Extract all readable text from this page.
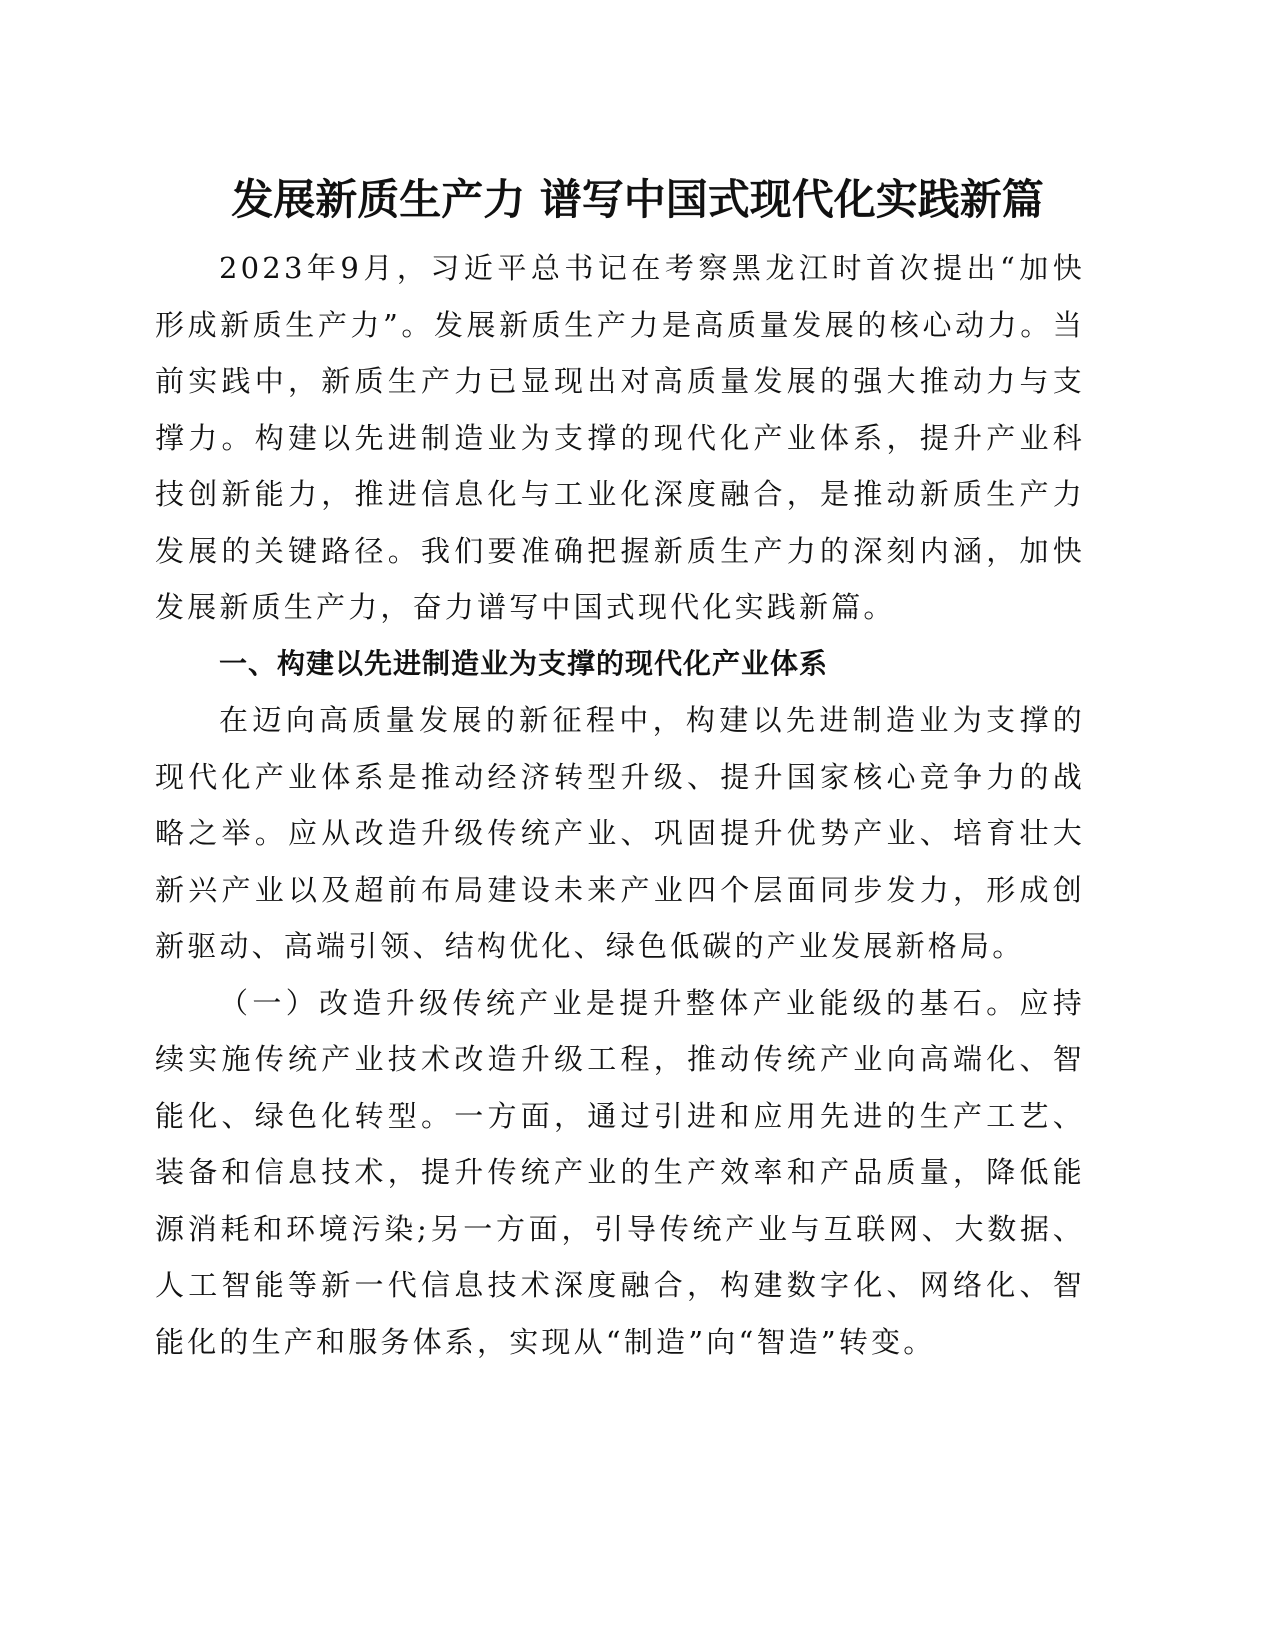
发展新质生产力 谱写中国式现代化实践新篇

2023年9月，习近平总书记在考察黑龙江时首次提出“加快形成新质生产力”。发展新质生产力是高质量发展的核心动力。当前实践中，新质生产力已显现出对高质量发展的强大推动力与支撑力。构建以先进制造业为支撑的现代化产业体系，提升产业科技创新能力，推进信息化与工业化深度融合，是推动新质生产力发展的关键路径。我们要准确把握新质生产力的深刻内涵，加快发展新质生产力，奋力谱写中国式现代化实践新篇。

一、构建以先进制造业为支撑的现代化产业体系

在迈向高质量发展的新征程中，构建以先进制造业为支撑的现代化产业体系是推动经济转型升级、提升国家核心竞争力的战略之举。应从改造升级传统产业、巩固提升优势产业、培育壮大新兴产业以及超前布局建设未来产业四个层面同步发力，形成创新驱动、高端引领、结构优化、绿色低碳的产业发展新格局。

（一）改造升级传统产业是提升整体产业能级的基石。应持续实施传统产业技术改造升级工程，推动传统产业向高端化、智能化、绿色化转型。一方面，通过引进和应用先进的生产工艺、装备和信息技术，提升传统产业的生产效率和产品质量，降低能源消耗和环境污染;另一方面，引导传统产业与互联网、大数据、人工智能等新一代信息技术深度融合，构建数字化、网络化、智能化的生产和服务体系，实现从“制造”向“智造”转变。
